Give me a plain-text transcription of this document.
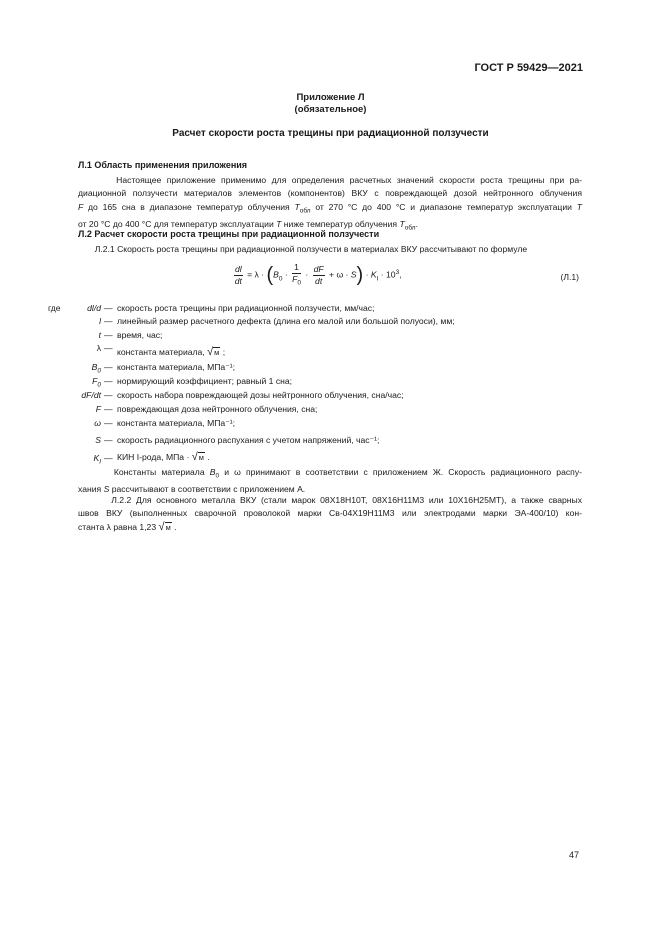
ГОСТ Р 59429—2021
Приложение Л
(обязательное)
Расчет скорости роста трещины при радиационной ползучести
Л.1 Область применения приложения
Настоящее приложение применимо для определения расчетных значений скорости роста трещины при ра-
диационной ползучести материалов элементов (компонентов) ВКУ с повреждающей дозой нейтронного облучения
F до 165 сна в диапазоне температур облучения $T_{обл}$ от 270 °С до 400 °С и диапазоне температур эксплуатации T
от 20 °С до 400 °С для температур эксплуатации T ниже температур облучения $T_{обл}$.
Л.2 Расчет скорости роста трещины при радиационной ползучести
Л.2.1 Скорость роста трещины при радиационной ползучести в материалах ВКУ рассчитывают по формуле
$\frac{dl}{dt} = \lambda \cdot (B_0 \cdot \frac{1}{F_0} \cdot \frac{dF}{dt} + \omega \cdot S) \cdot K_I \cdot 10^3$,	(Л.1)
где	dl/d — скорость роста трещины при радиационной ползучести, мм/час;
l — линейный размер расчетного дефекта (длина его малой или большой полуоси), мм;
t — время, час;
λ — константа материала, √м ;
$B_0$ — константа материала, МПа⁻¹;
$F_0$ — нормирующий коэффициент; равный 1 сна;
dF/dt — скорость набора повреждающей дозы нейтронного облучения, сна/час;
F — повреждающая доза нейтронного облучения, сна;
ω — константа материала, МПа⁻¹;
S — скорость радиационного распухания с учетом напряжений, час⁻¹;
$K_I$ — КИН I-рода, МПа · √м .
Константы материала $B_0$ и ω принимают в соответствии с приложением Ж. Скорость радиационного распу-
хания S рассчитывают в соответствии с приложением А.
Л.2.2 Для основного металла ВКУ (стали марок 08Х18Н10Т, 08Х16Н11М3 или 10Х16Н25МТ), а также сварных
швов ВКУ (выполненных сварочной проволокой марки Св-04Х19Н11М3 или электродами марки ЭА-400/10) кон-
станта λ равна 1,23 √м .
47
